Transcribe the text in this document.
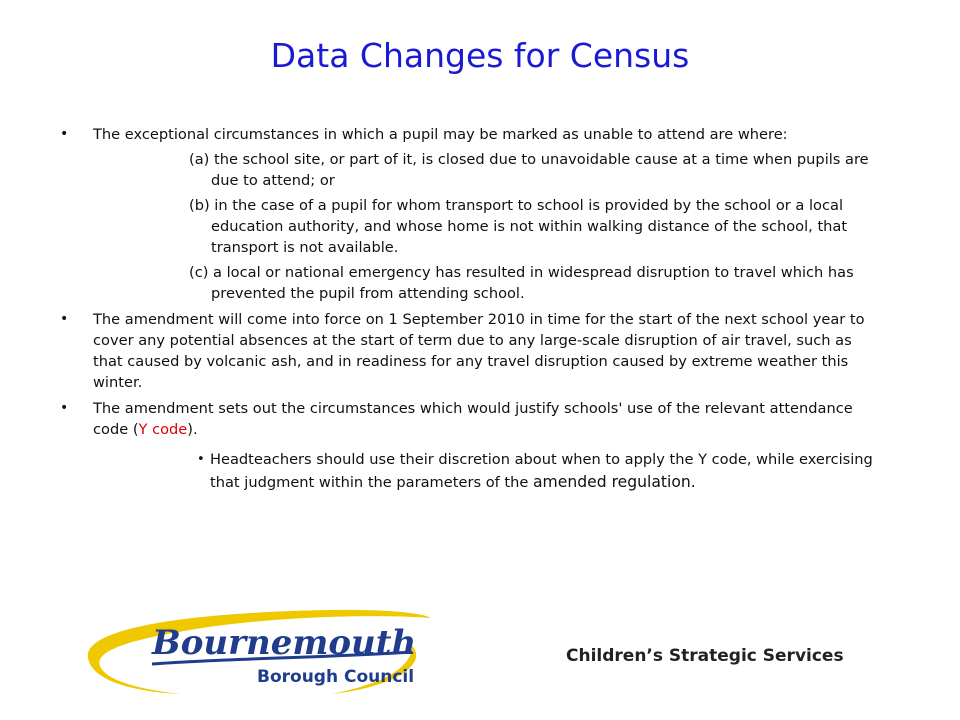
Data Changes for Census
• The exceptional circumstances in which a pupil may be marked as unable to attend are where:
(a) the school site, or part of it, is closed due to unavoidable cause at a time when pupils are due to attend; or
(b) in the case of a pupil for whom transport to school is provided by the school or a local education authority, and whose home is not within walking distance of the school, that transport is not available.
(c) a local or national emergency has resulted in widespread disruption to travel which has prevented the pupil from attending school.
• The amendment will come into force on 1 September 2010 in time for the start of the next school year to cover any potential absences at the start of term due to any large-scale disruption of air travel, such as that caused by volcanic ash, and in readiness for any travel disruption caused by extreme weather this winter.
• The amendment sets out the circumstances which would justify schools' use of the relevant attendance code (Y code).
• Headteachers should use their discretion about when to apply the Y code, while exercising that judgment within the parameters of the amended regulation.
Bournemouth
Borough Council
Children’s Strategic Services
